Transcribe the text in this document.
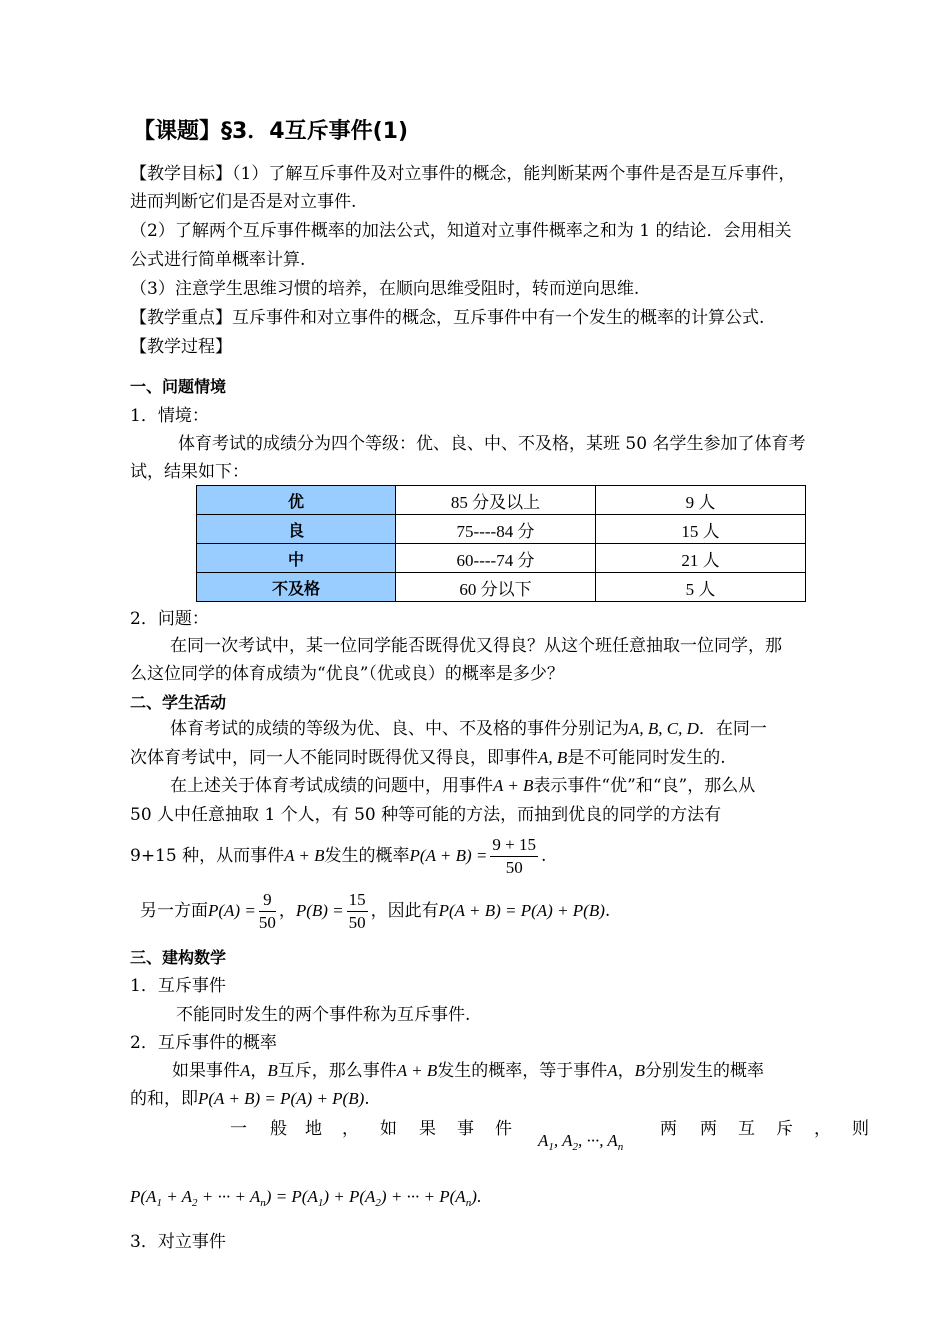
【课题】§3．4互斥事件(1)
【教学目标】（1）了解互斥事件及对立事件的概念，能判断某两个事件是否是互斥事件，
进而判断它们是否是对立事件.
（2）了解两个互斥事件概率的加法公式，知道对立事件概率之和为 1 的结论．会用相关
公式进行简单概率计算.
（3）注意学生思维习惯的培养，在顺向思维受阻时，转而逆向思维.
【教学重点】互斥事件和对立事件的概念，互斥事件中有一个发生的概率的计算公式.
【教学过程】
一、问题情境
1．情境：
体育考试的成绩分为四个等级：优、良、中、不及格，某班 50 名学生参加了体育考
试，结果如下：
优	85 分及以上	9 人
良	75----84 分	15 人
中	60----74 分	21 人
不及格	60 分以下	5 人
2．问题：
在同一次考试中，某一位同学能否既得优又得良？从这个班任意抽取一位同学，那
么这位同学的体育成绩为“优良”（优或良）的概率是多少？
二、学生活动
体育考试的成绩的等级为优、良、中、不及格的事件分别记为A, B, C, D．在同一
次体育考试中，同一人不能同时既得优又得良，即事件A, B是不可能同时发生的.
在上述关于体育考试成绩的问题中，用事件A + B表示事件“优”和“良”，那么从
50 人中任意抽取 1 个人，有 50 种等可能的方法，而抽到优良的同学的方法有
9+15 种，从而事件A + B发生的概率$P(A + B) = \frac{9 + 15}{50}$ .
另一方面$P(A) = \frac{9}{50}$ ，$P(B) = \frac{15}{50}$ ，因此有P(A + B) = P(A) + P(B).
三、建构数学
1．互斥事件
不能同时发生的两个事件称为互斥事件.
2．互斥事件的概率
如果事件A，B互斥，那么事件A + B发生的概率，等于事件A，B分别发生的概率
的和，即P(A + B) = P(A) + P(B).
一 般 地 ， 如 果 事 件
$A_1$, $A_2$, ···, $A_n$
两 两 互 斥 ， 则
$P(A_1 + A_2$ + ··· + $A_n) = P(A_1) + P(A_2)$ + ··· + $P(A_n)$.
3．对立事件
